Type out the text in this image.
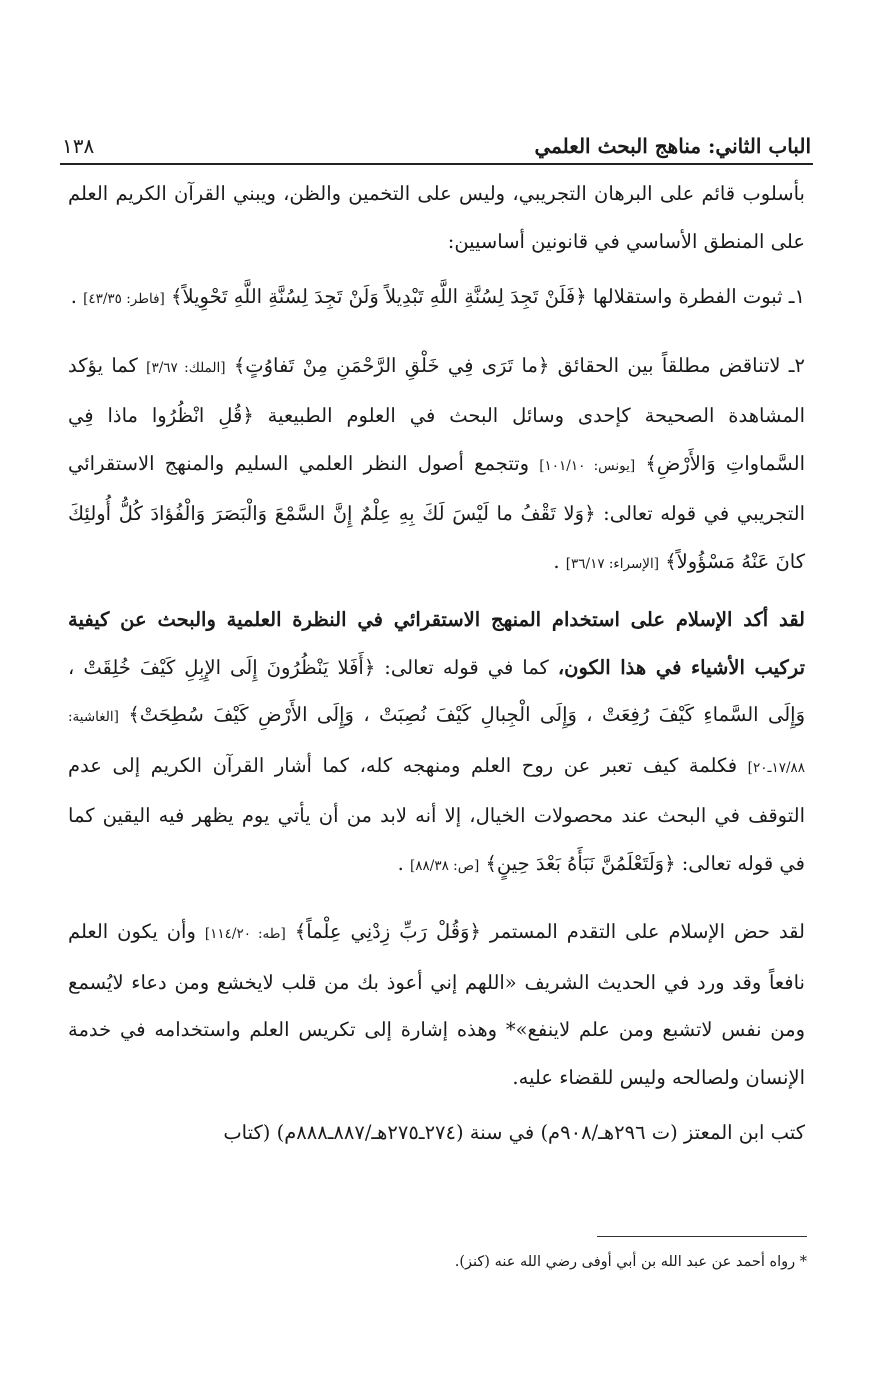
الباب الثاني: مناهج البحث العلمي
١٣٨

بأسلوب قائم على البرهان التجريبي، وليس على التخمين والظن، ويبني القرآن الكريم العلم على المنطق الأساسي في قانونين أساسيين:

١ـ ثبوت الفطرة واستقلالها ﴿فَلَنْ تَجِدَ لِسُنَّةِ اللَّهِ تَبْدِيلاً وَلَنْ تَجِدَ لِسُنَّةِ اللَّهِ تَحْوِيلاً﴾ [فاطر: ٤٣/٣٥] .

٢ـ لاتناقض مطلقاً بين الحقائق ﴿ما تَرَى فِي خَلْقِ الرَّحْمَنِ مِنْ تَفاوُتٍ﴾ [الملك: ٣/٦٧] كما يؤكد المشاهدة الصحيحة كإحدى وسائل البحث في العلوم الطبيعية ﴿قُلِ انْظُرُوا ماذا فِي السَّماواتِ وَالأَرْضِ﴾ [يونس: ١٠١/١٠] وتتجمع أصول النظر العلمي السليم والمنهج الاستقرائي التجريبي في قوله تعالى: ﴿وَلا تَقْفُ ما لَيْسَ لَكَ بِهِ عِلْمٌ إِنَّ السَّمْعَ وَالْبَصَرَ وَالْفُؤادَ كُلُّ أُولئِكَ كانَ عَنْهُ مَسْؤُولاً﴾ [الإسراء: ٣٦/١٧] .

لقد أكد الإسلام على استخدام المنهج الاستقرائي في النظرة العلمية والبحث عن كيفية تركيب الأشياء في هذا الكون، كما في قوله تعالى: ﴿أَفَلا يَنْظُرُونَ إِلَى الإِبِلِ كَيْفَ خُلِقَتْ ، وَإِلَى السَّماءِ كَيْفَ رُفِعَتْ ، وَإِلَى الْجِبالِ كَيْفَ نُصِبَتْ ، وَإِلَى الأَرْضِ كَيْفَ سُطِحَتْ﴾ [الغاشية: ١٧/٨٨ـ٢٠] فكلمة كيف تعبر عن روح العلم ومنهجه كله، كما أشار القرآن الكريم إلى عدم التوقف في البحث عند محصولات الخيال، إلا أنه لابد من أن يأتي يوم يظهر فيه اليقين كما في قوله تعالى: ﴿وَلَتَعْلَمُنَّ نَبَأَهُ بَعْدَ حِينٍ﴾ [ص: ٨٨/٣٨] .

لقد حض الإسلام على التقدم المستمر ﴿وَقُلْ رَبِّ زِدْنِي عِلْماً﴾ [طه: ١١٤/٢٠] وأن يكون العلم نافعاً وقد ورد في الحديث الشريف «اللهم إني أعوذ بك من قلب لايخشع ومن دعاء لايُسمع ومن نفس لاتشبع ومن علم لاينفع»* وهذه إشارة إلى تكريس العلم واستخدامه في خدمة الإنسان ولصالحه وليس للقضاء عليه.

كتب ابن المعتز (ت ٢٩٦هـ/٩٠٨م) في سنة (٢٧٤ـ٢٧٥هـ/٨٨٧ـ٨٨٨م) (كتاب

* رواه أحمد عن عبد الله بن أبي أوفى رضي الله عنه (كنز).
